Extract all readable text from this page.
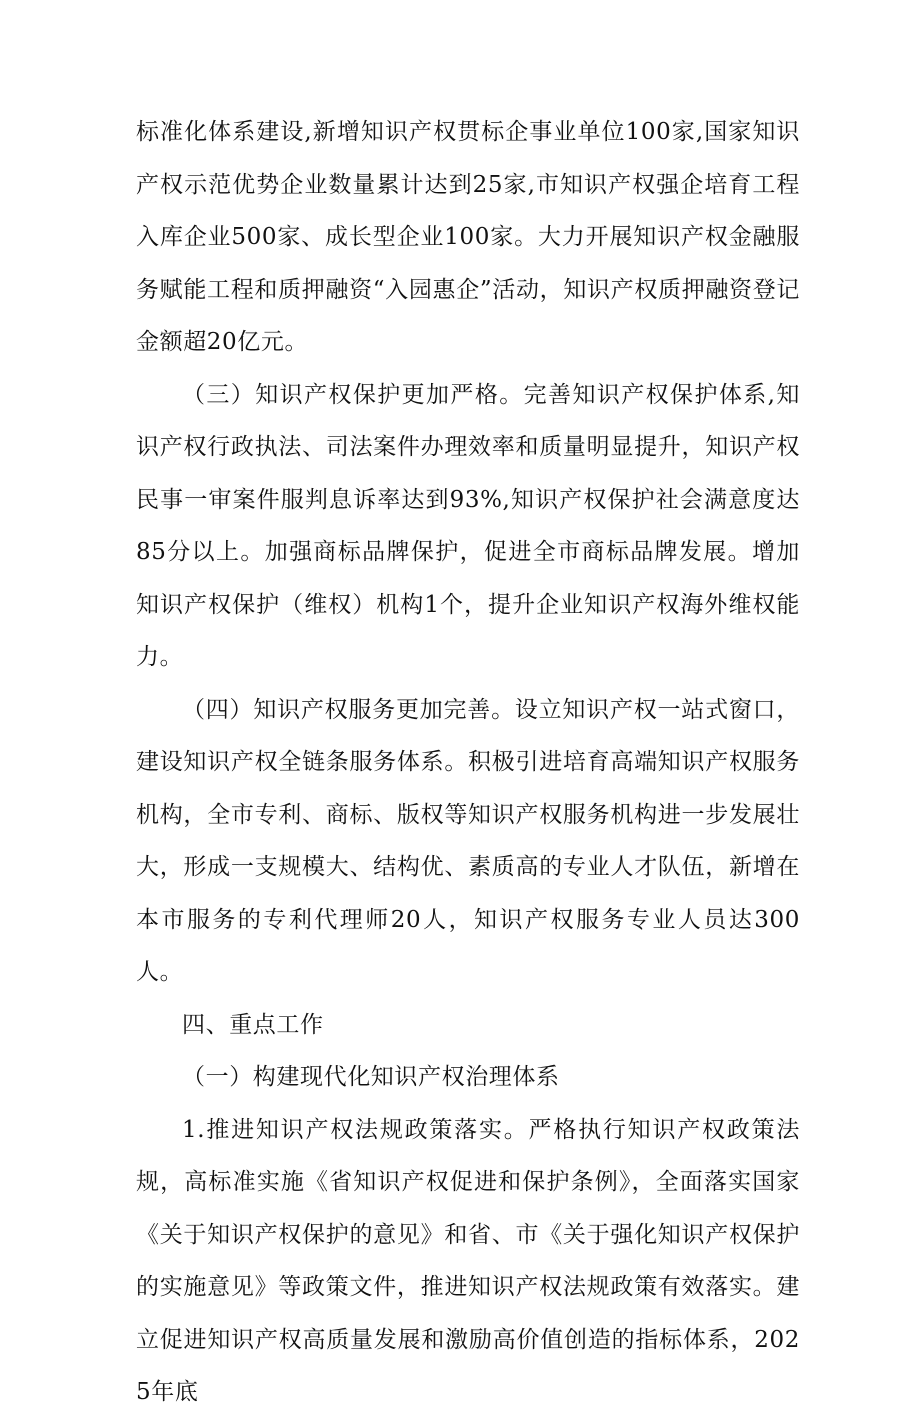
标准化体系建设,新增知识产权贯标企事业单位100家,国家知识产权示范优势企业数量累计达到25家,市知识产权强企培育工程入库企业500家、成长型企业100家。大力开展知识产权金融服务赋能工程和质押融资“入园惠企”活动，知识产权质押融资登记金额超20亿元。

（三）知识产权保护更加严格。完善知识产权保护体系,知识产权行政执法、司法案件办理效率和质量明显提升，知识产权民事一审案件服判息诉率达到93%,知识产权保护社会满意度达85分以上。加强商标品牌保护，促进全市商标品牌发展。增加知识产权保护（维权）机构1个，提升企业知识产权海外维权能力。

（四）知识产权服务更加完善。设立知识产权一站式窗口，建设知识产权全链条服务体系。积极引进培育高端知识产权服务机构，全市专利、商标、版权等知识产权服务机构进一步发展壮大，形成一支规模大、结构优、素质高的专业人才队伍，新增在本市服务的专利代理师20人，知识产权服务专业人员达300人。

四、重点工作

（一）构建现代化知识产权治理体系

1.推进知识产权法规政策落实。严格执行知识产权政策法规，高标准实施《省知识产权促进和保护条例》，全面落实国家《关于知识产权保护的意见》和省、市《关于强化知识产权保护的实施意见》等政策文件，推进知识产权法规政策有效落实。建立促进知识产权高质量发展和激励高价值创造的指标体系，2025年底
